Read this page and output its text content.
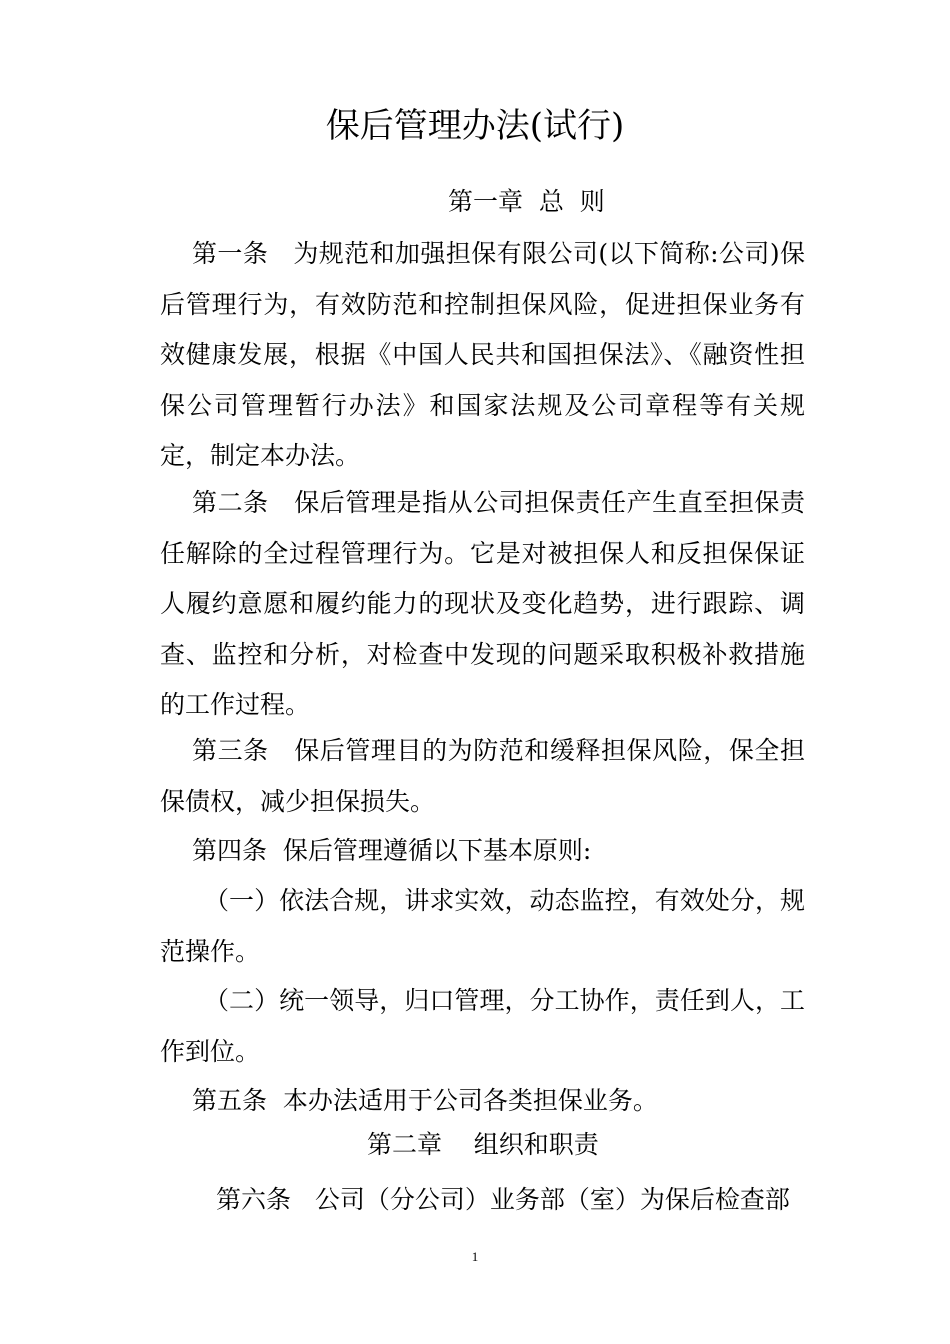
保后管理办法(试行)
第一章  总  则
第一条   为规范和加强担保有限公司(以下简称:公司)保后管理行为，有效防范和控制担保风险，促进担保业务有效健康发展，根据《中国人民共和国担保法》、《融资性担保公司管理暂行办法》和国家法规及公司章程等有关规定，制定本办法。
第二条   保后管理是指从公司担保责任产生直至担保责任解除的全过程管理行为。它是对被担保人和反担保保证人履约意愿和履约能力的现状及变化趋势，进行跟踪、调查、监控和分析，对检查中发现的问题采取积极补救措施的工作过程。
第三条   保后管理目的为防范和缓释担保风险，保全担保债权，减少担保损失。
第四条  保后管理遵循以下基本原则:
（一）依法合规，讲求实效，动态监控，有效处分，规范操作。
（二）统一领导，归口管理，分工协作，责任到人，工作到位。
第五条  本办法适用于公司各类担保业务。
第二章    组织和职责
第六条   公司（分公司）业务部（室）为保后检查部
1
